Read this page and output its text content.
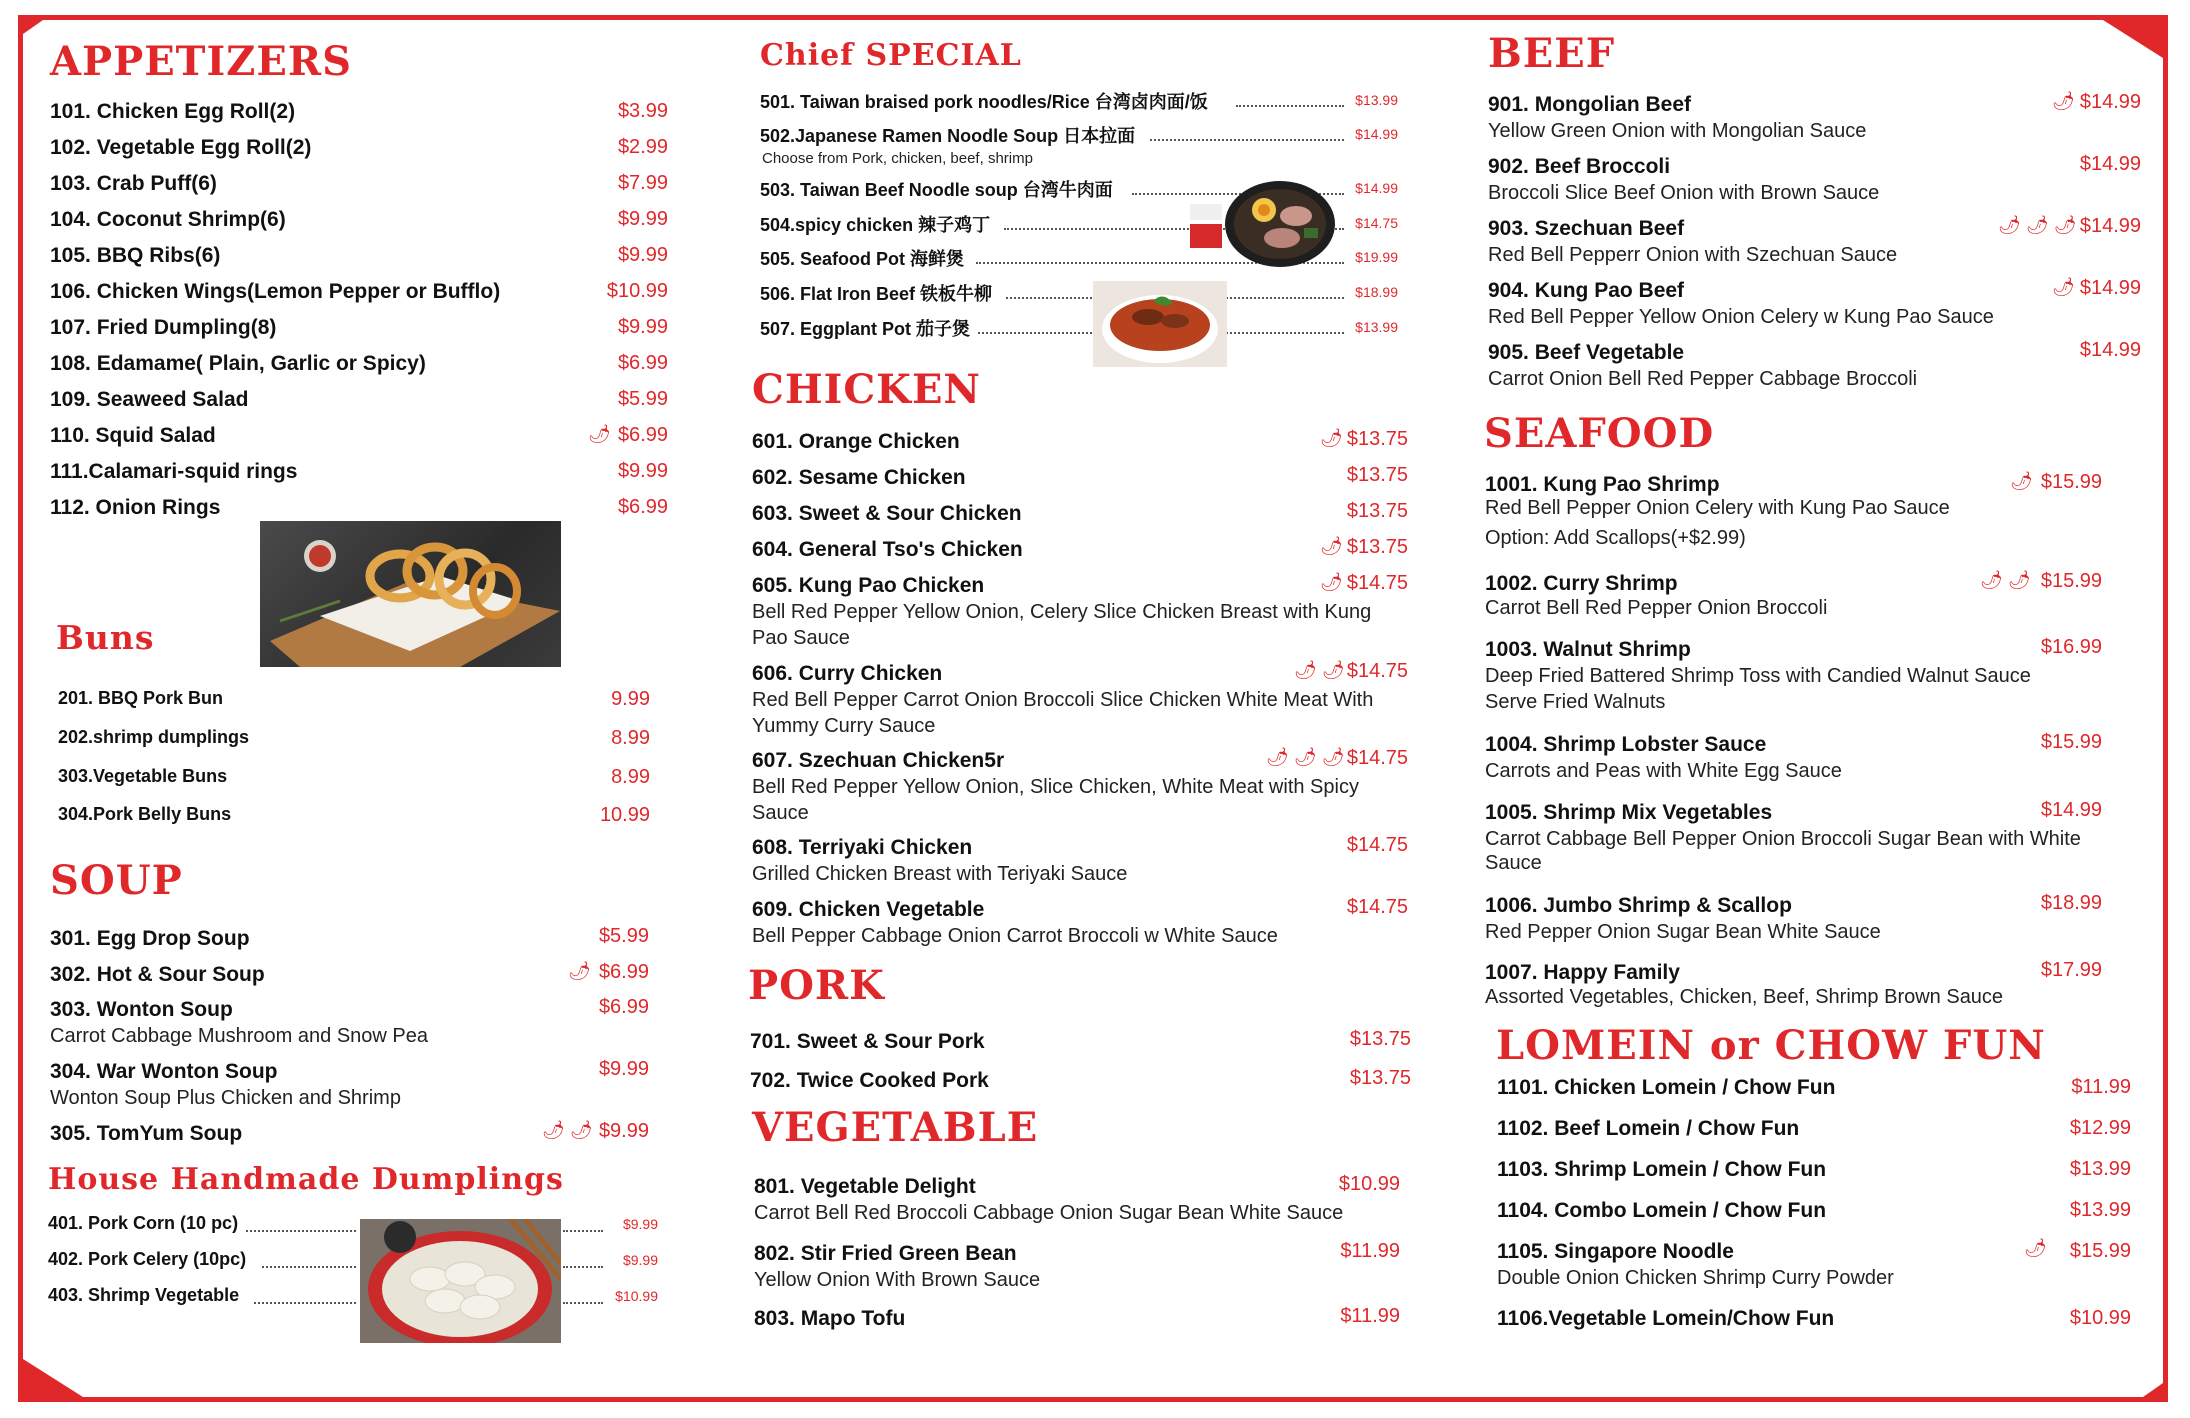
APPETIZERS
101. Chicken Egg Roll(2)	$3.99
102. Vegetable Egg Roll(2)	$2.99
103. Crab Puff(6)	$7.99
104. Coconut Shrimp(6)	$9.99
105. BBQ Ribs(6)	$9.99
106. Chicken Wings(Lemon Pepper or Bufflo)	$10.99
107. Fried Dumpling(8)	$9.99
108. Edamame( Plain, Garlic or Spicy)	$6.99
109. Seaweed Salad	$5.99
110. Squid Salad	🌶 $6.99
111.Calamari-squid rings	$9.99
112. Onion Rings	$6.99
Buns
201. BBQ Pork Bun	9.99
202.shrimp dumplings	8.99
303.Vegetable Buns	8.99
304.Pork Belly Buns	10.99
SOUP
301. Egg Drop Soup	$5.99
302. Hot & Sour Soup	🌶 $6.99
303. Wonton Soup	$6.99
Carrot Cabbage Mushroom and Snow Pea
304. War Wonton Soup	$9.99
Wonton Soup Plus Chicken and Shrimp
305. TomYum Soup	🌶 🌶 $9.99
House Handmade Dumplings
401. Pork Corn (10 pc)	$9.99
402. Pork Celery (10pc)	$9.99
403. Shrimp Vegetable	$10.99
Chief SPECIAL
501. Taiwan braised pork noodles/Rice 台湾卤肉面/饭	$13.99
502.Japanese Ramen Noodle Soup 日本拉面	$14.99
Choose from Pork, chicken, beef, shrimp
503. Taiwan Beef Noodle soup 台湾牛肉面	$14.99
504.spicy chicken 辣子鸡丁	$14.75
505. Seafood Pot 海鲜煲	$19.99
506. Flat Iron Beef 铁板牛柳	$18.99
507. Eggplant Pot 茄子煲	$13.99
CHICKEN
601. Orange Chicken	🌶 $13.75
602. Sesame Chicken	$13.75
603. Sweet & Sour Chicken	$13.75
604. General Tso's Chicken	🌶 $13.75
605. Kung Pao Chicken	🌶 $14.75
Bell Red Pepper Yellow Onion, Celery Slice Chicken Breast with Kung
Pao Sauce
606. Curry Chicken	🌶 🌶 $14.75
Red Bell Pepper Carrot Onion Broccoli Slice Chicken White Meat With
Yummy Curry Sauce
607. Szechuan Chicken5r	🌶 🌶 🌶 $14.75
Bell Red Pepper Yellow Onion, Slice Chicken, White Meat with Spicy
Sauce
608. Terriyaki Chicken	$14.75
Grilled Chicken Breast with Teriyaki Sauce
609. Chicken Vegetable	$14.75
Bell Pepper Cabbage Onion Carrot Broccoli w White Sauce
PORK
701. Sweet & Sour Pork	$13.75
702. Twice Cooked Pork	$13.75
VEGETABLE
801. Vegetable Delight	$10.99
Carrot Bell Red Broccoli Cabbage Onion Sugar Bean White Sauce
802. Stir Fried Green Bean	$11.99
Yellow Onion With Brown Sauce
803. Mapo Tofu	$11.99
BEEF
901. Mongolian Beef	🌶 $14.99
Yellow Green Onion with Mongolian Sauce
902. Beef Broccoli	$14.99
Broccoli Slice Beef Onion with Brown Sauce
903. Szechuan Beef	🌶 🌶 🌶 $14.99
Red Bell Pepperr Onion with Szechuan Sauce
904. Kung Pao Beef	🌶 $14.99
Red Bell Pepper Yellow Onion Celery w Kung Pao Sauce
905. Beef Vegetable	$14.99
Carrot Onion Bell Red Pepper Cabbage Broccoli
SEAFOOD
1001. Kung Pao Shrimp	🌶 $15.99
Red Bell Pepper Onion Celery with Kung Pao Sauce
Option: Add Scallops(+$2.99)
1002. Curry Shrimp	🌶 🌶 $15.99
Carrot Bell Red Pepper Onion Broccoli
1003. Walnut Shrimp	$16.99
Deep Fried Battered Shrimp Toss with Candied Walnut Sauce
Serve Fried Walnuts
1004. Shrimp Lobster Sauce	$15.99
Carrots and Peas with White Egg Sauce
1005. Shrimp Mix Vegetables	$14.99
Carrot Cabbage Bell Pepper Onion Broccoli Sugar Bean with White
Sauce
1006. Jumbo Shrimp & Scallop	$18.99
Red Pepper Onion Sugar Bean White Sauce
1007. Happy Family	$17.99
Assorted Vegetables, Chicken, Beef, Shrimp Brown Sauce
LOMEIN or CHOW FUN
1101. Chicken Lomein / Chow Fun	$11.99
1102. Beef Lomein / Chow Fun	$12.99
1103. Shrimp Lomein / Chow Fun	$13.99
1104. Combo Lomein / Chow Fun	$13.99
1105. Singapore Noodle	🌶 $15.99
Double Onion Chicken Shrimp Curry Powder
1106.Vegetable Lomein/Chow Fun	$10.99
